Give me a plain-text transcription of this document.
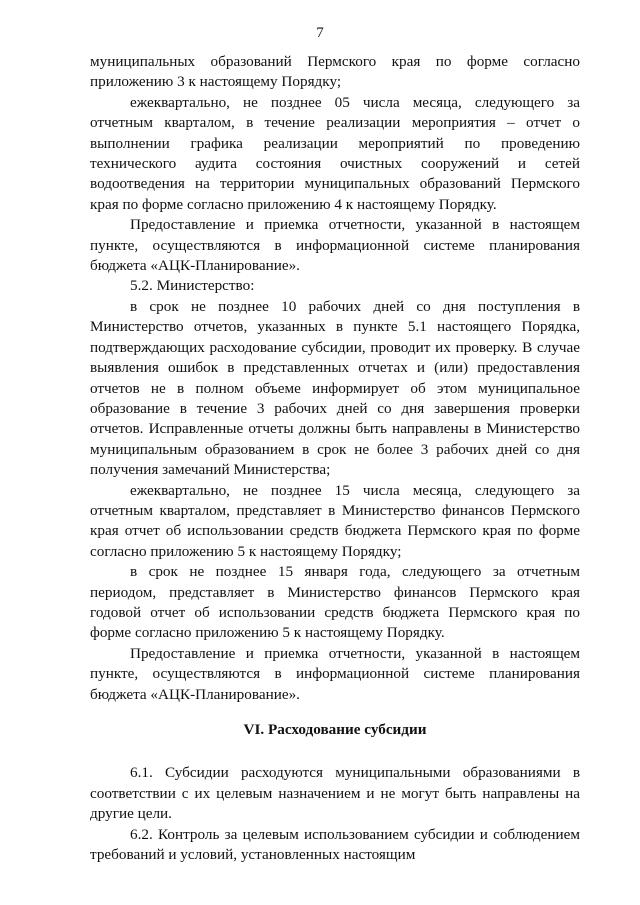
7

муниципальных образований Пермского края по форме согласно приложению 3 к настоящему Порядку;

ежеквартально, не позднее 05 числа месяца, следующего за отчетным кварталом, в течение реализации мероприятия – отчет о выполнении графика реализации мероприятий по проведению технического аудита состояния очистных сооружений и сетей водоотведения на территории муниципальных образований Пермского края по форме согласно приложению 4 к настоящему Порядку.

Предоставление и приемка отчетности, указанной в настоящем пункте, осуществляются в информационной системе планирования бюджета «АЦК-Планирование».

5.2. Министерство:

в срок не позднее 10 рабочих дней со дня поступления в Министерство отчетов, указанных в пункте 5.1 настоящего Порядка, подтверждающих расходование субсидии, проводит их проверку. В случае выявления ошибок в представленных отчетах и (или) предоставления отчетов не в полном объеме информирует об этом муниципальное образование в течение 3 рабочих дней со дня завершения проверки отчетов. Исправленные отчеты должны быть направлены в Министерство муниципальным образованием в срок не более 3 рабочих дней со дня получения замечаний Министерства;

ежеквартально, не позднее 15 числа месяца, следующего за отчетным кварталом, представляет в Министерство финансов Пермского края отчет об использовании средств бюджета Пермского края по форме согласно приложению 5 к настоящему Порядку;

в срок не позднее 15 января года, следующего за отчетным периодом, представляет в Министерство финансов Пермского края годовой отчет об использовании средств бюджета Пермского края по форме согласно приложению 5 к настоящему Порядку.

Предоставление и приемка отчетности, указанной в настоящем пункте, осуществляются в информационной системе планирования бюджета «АЦК-Планирование».

VI. Расходование субсидии

6.1. Субсидии расходуются муниципальными образованиями в соответствии с их целевым назначением и не могут быть направлены на другие цели.

6.2. Контроль за целевым использованием субсидии и соблюдением требований и условий, установленных настоящим
